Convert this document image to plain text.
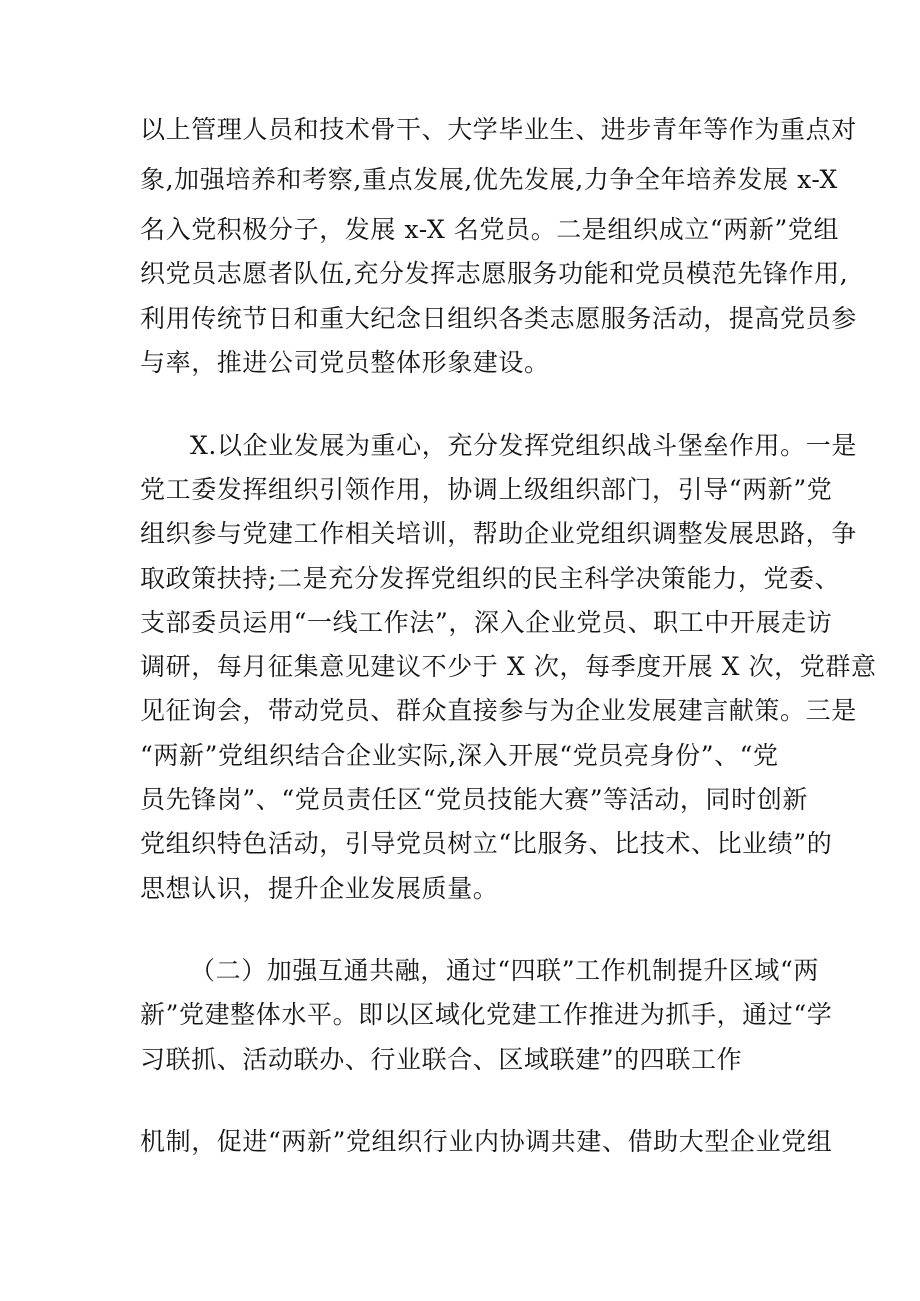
以上管理人员和技术骨干、大学毕业生、进步青年等作为重点对
象,加强培养和考察,重点发展,优先发展,力争全年培养发展 x-X
名入党积极分子，发展 x-X 名党员。二是组织成立“两新”党组
织党员志愿者队伍,充分发挥志愿服务功能和党员模范先锋作用,
利用传统节日和重大纪念日组织各类志愿服务活动，提高党员参
与率，推进公司党员整体形象建设。
X.以企业发展为重心，充分发挥党组织战斗堡垒作用。一是
党工委发挥组织引领作用，协调上级组织部门，引导“两新”党
组织参与党建工作相关培训，帮助企业党组织调整发展思路，争
取政策扶持;二是充分发挥党组织的民主科学决策能力，党委、
支部委员运用“一线工作法”，深入企业党员、职工中开展走访
调研，每月征集意见建议不少于 X 次，每季度开展 X 次，党群意
见征询会，带动党员、群众直接参与为企业发展建言献策。三是
“两新”党组织结合企业实际,深入开展“党员亮身份”、“党
员先锋岗”、“党员责任区“党员技能大赛”等活动，同时创新
党组织特色活动，引导党员树立“比服务、比技术、比业绩”的
思想认识，提升企业发展质量。
（二）加强互通共融，通过“四联”工作机制提升区域“两
新”党建整体水平。即以区域化党建工作推进为抓手，通过“学
习联抓、活动联办、行业联合、区域联建”的四联工作
机制，促进“两新”党组织行业内协调共建、借助大型企业党组
